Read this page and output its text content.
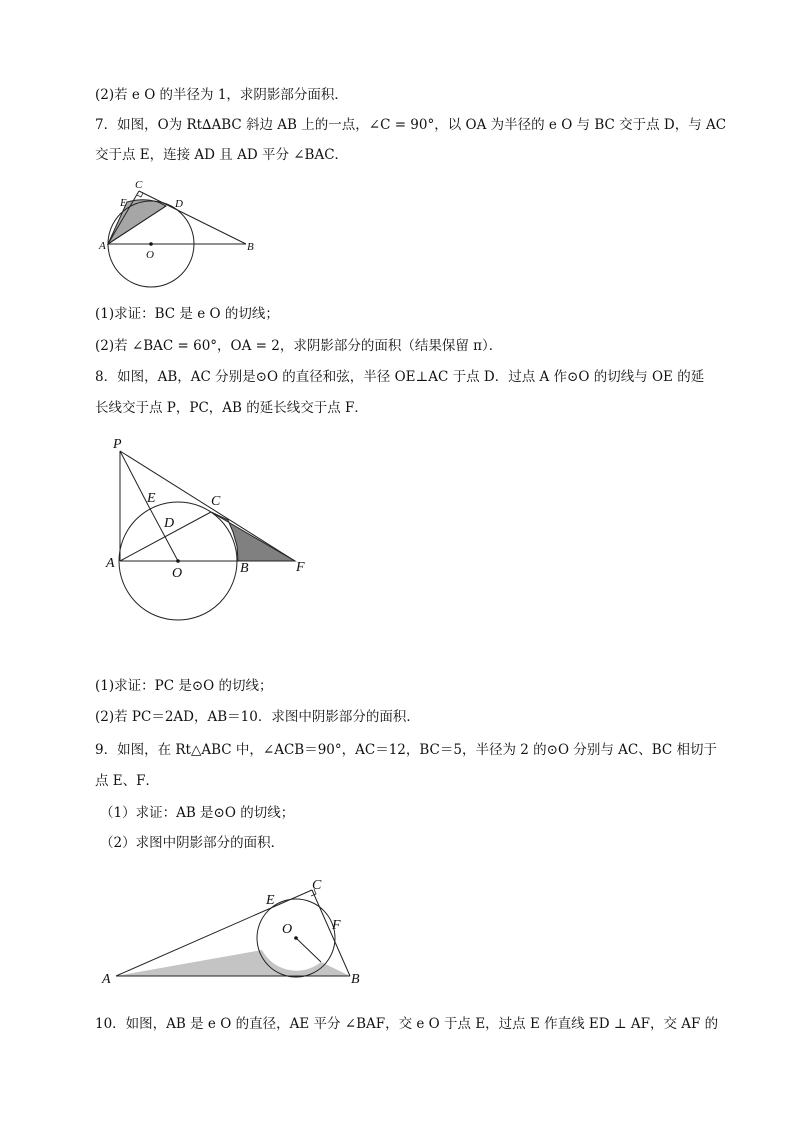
(2)若 e O 的半径为 1，求阴影部分面积．
7．如图，O为 Rt∆ABC 斜边 AB 上的一点，∠C = 90°，以 OA 为半径的 e O 与 BC 交于点 D，与 AC
交于点 E，连接 AD 且 AD 平分 ∠BAC．
A	B
C
D
E
O
(1)求证：BC 是 e O 的切线；
(2)若 ∠BAC = 60°，OA = 2，求阴影部分的面积（结果保留 π）．
8．如图，AB，AC 分别是⊙O 的直径和弦，半径 OE⊥AC 于点 D．过点 A 作⊙O 的切线与 OE 的延
长线交于点 P，PC，AB 的延长线交于点 F．
P
A
O	B	F
C
E
D
(1)求证：PC 是⊙O 的切线；
(2)若 PC＝2AD，AB＝10．求图中阴影部分的面积．
9．如图，在 Rt△ABC 中，∠ACB＝90°，AC＝12，BC＝5，半径为 2 的⊙O 分别与 AC、BC 相切于
点 E、F．
（1）求证：AB 是⊙O 的切线；
（2）求图中阴影部分的面积．
A	B
C
E
F
O
10．如图，AB 是 e O 的直径，AE 平分 ∠BAF，交 e O 于点 E，过点 E 作直线 ED ⊥ AF，交 AF 的
